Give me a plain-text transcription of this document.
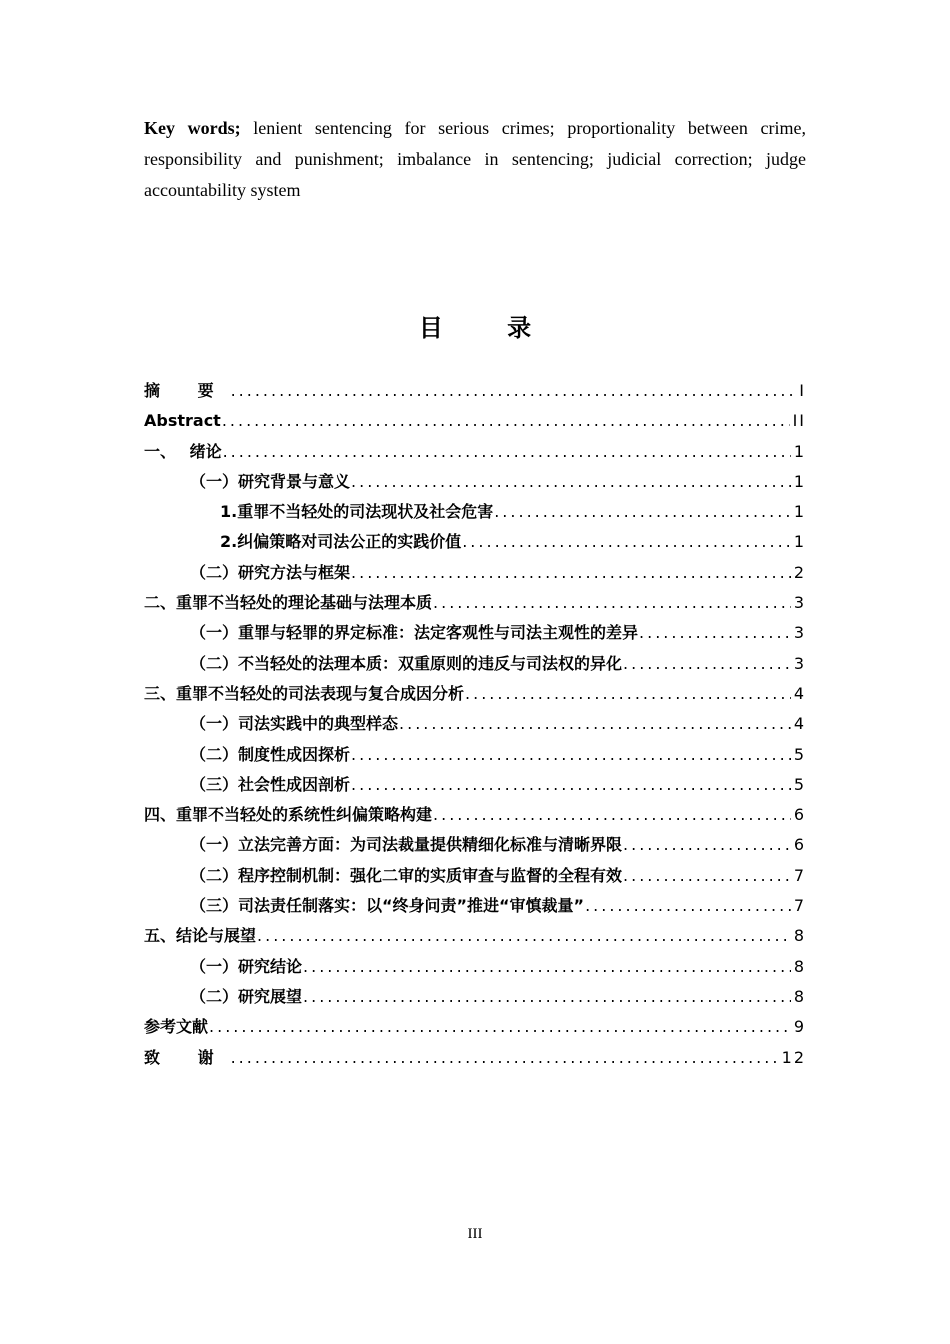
Key words; lenient sentencing for serious crimes; proportionality between crime, responsibility and punishment; imbalance in sentencing; judicial correction; judge accountability system

目 录
摘 要 .....	I
Abstract .....	II
一、　 绪论 .....	1
（一）研究背景与意义 .....	1
1.重罪不当轻处的司法现状及社会危害 .....	1
2.纠偏策略对司法公正的实践价值 .....	1
（二）研究方法与框架 .....	2
二、重罪不当轻处的理论基础与法理本质 .....	3
（一）重罪与轻罪的界定标准：法定客观性与司法主观性的差异 .....	3
（二）不当轻处的法理本质：双重原则的违反与司法权的异化 .....	3
三、重罪不当轻处的司法表现与复合成因分析 .....	4
（一）司法实践中的典型样态 .....	4
（二）制度性成因探析 .....	5
（三）社会性成因剖析 .....	5
四、重罪不当轻处的系统性纠偏策略构建 .....	6
（一）立法完善方面：为司法裁量提供精细化标准与清晰界限 .....	6
（二）程序控制机制：强化二审的实质审查与监督的全程有效 .....	7
（三）司法责任制落实：以“终身问责”推进“审慎裁量” .....	7
五、结论与展望 .....	8
（一）研究结论 .....	8
（二）研究展望 .....	8
参考文献 .....	9
致 谢 .....	12

III
